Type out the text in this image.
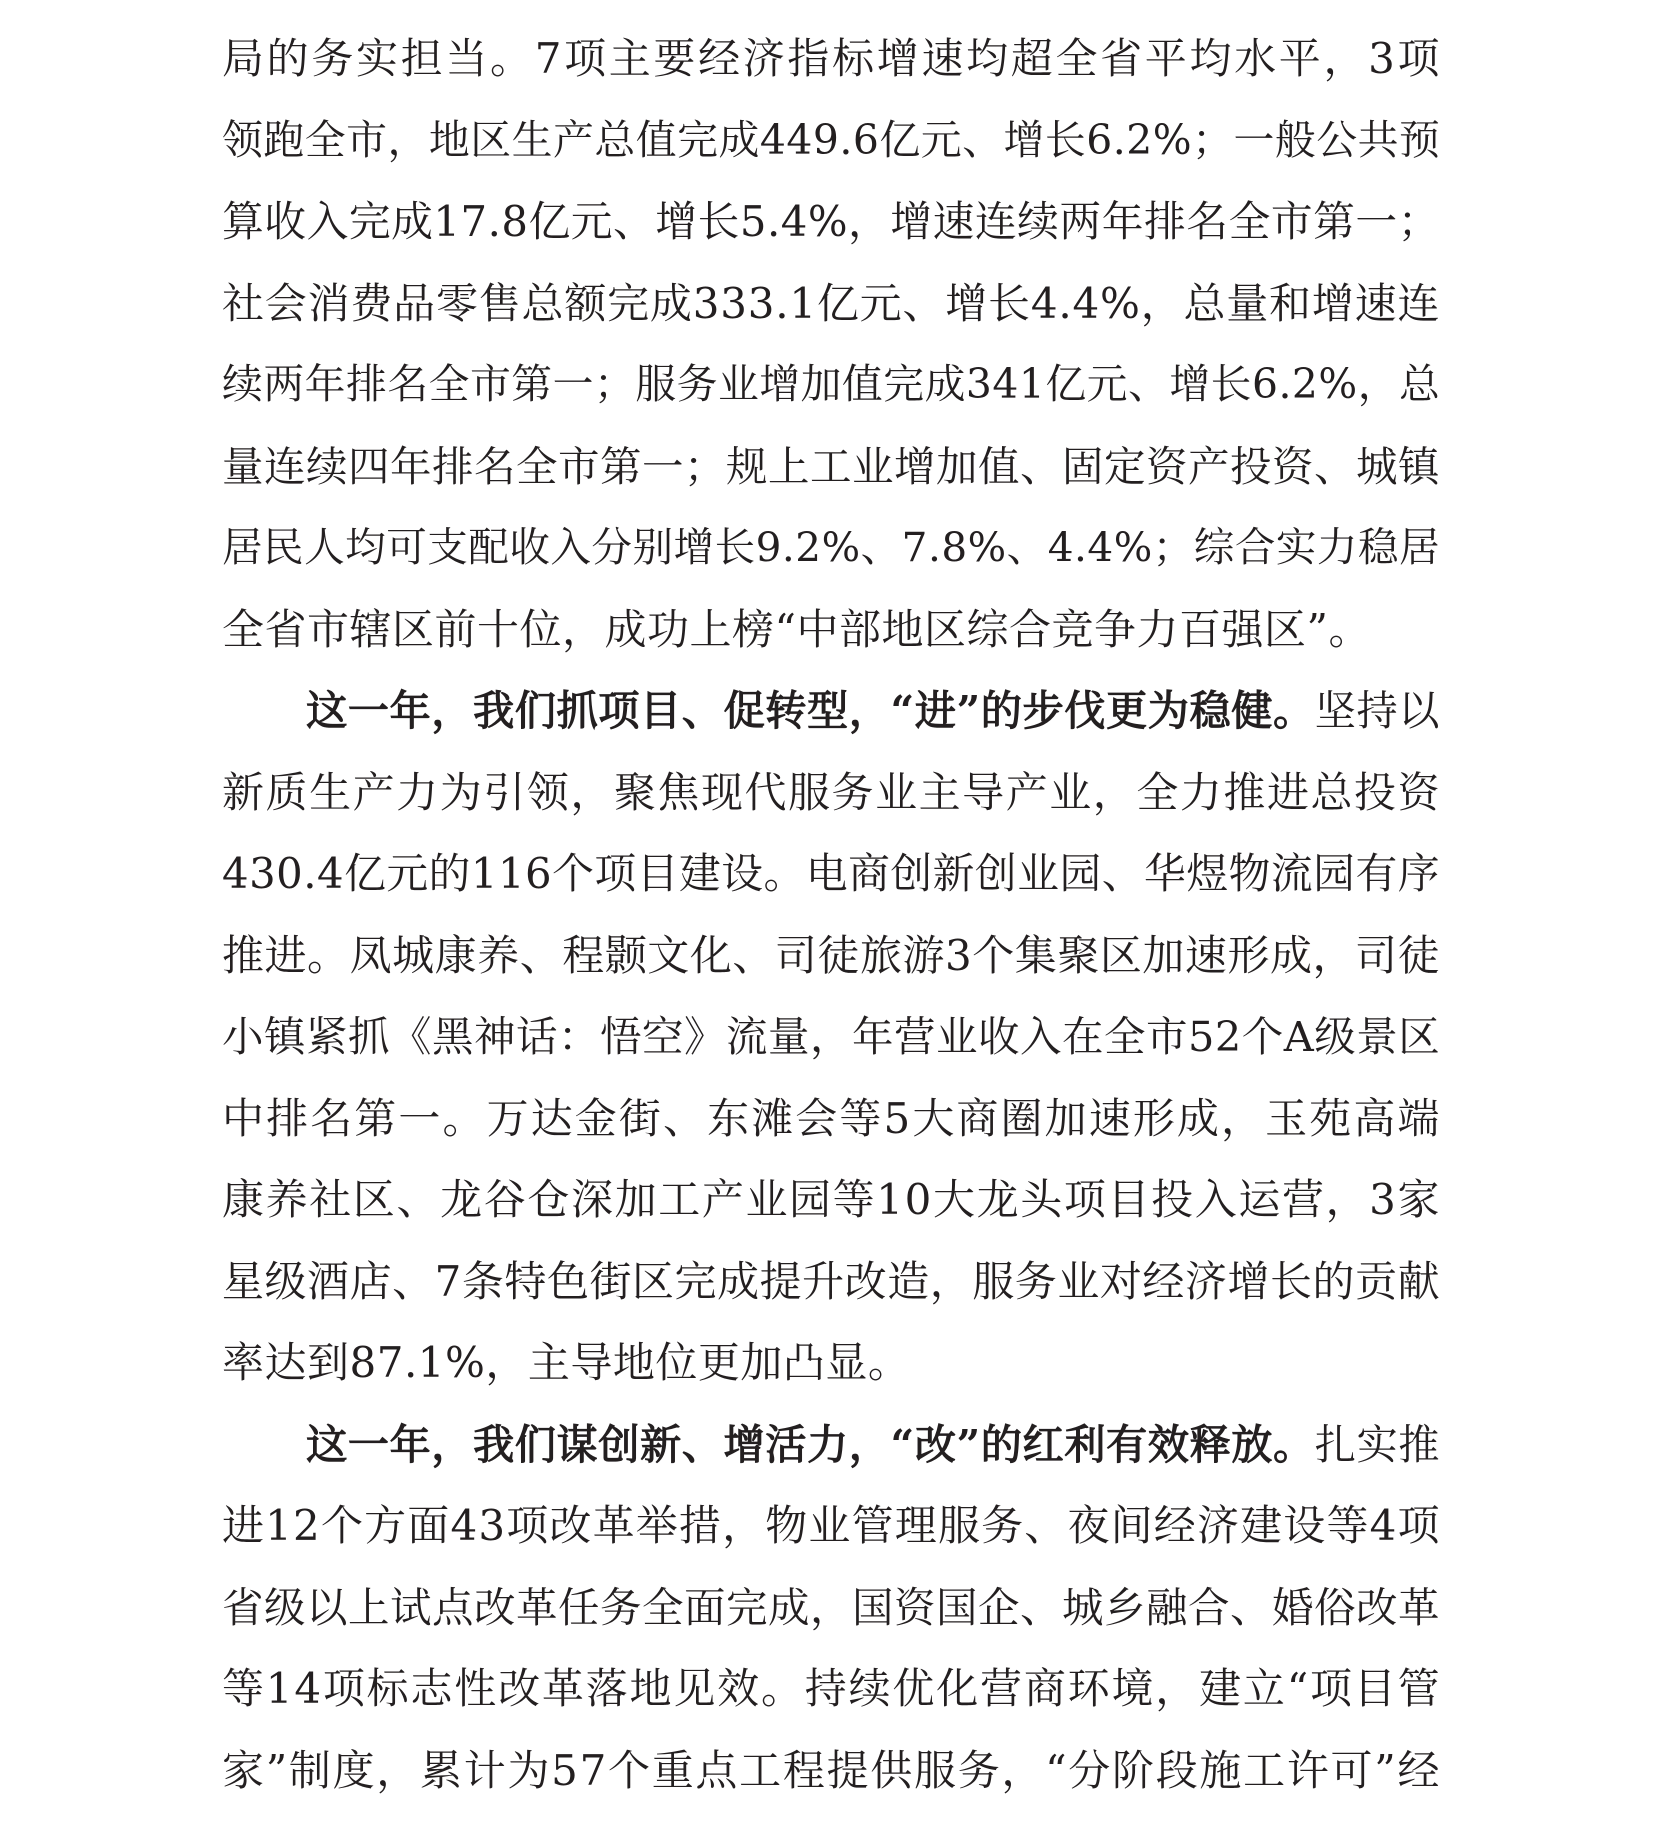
局的务实担当。7项主要经济指标增速均超全省平均水平，3项
领跑全市，地区生产总值完成449.6亿元、增长6.2%；一般公共预
算收入完成17.8亿元、增长5.4%，增速连续两年排名全市第一；
社会消费品零售总额完成333.1亿元、增长4.4%，总量和增速连
续两年排名全市第一；服务业增加值完成341亿元、增长6.2%，总
量连续四年排名全市第一；规上工业增加值、固定资产投资、城镇
居民人均可支配收入分别增长9.2%、7.8%、4.4%；综合实力稳居
全省市辖区前十位，成功上榜“中部地区综合竞争力百强区”。
这一年，我们抓项目、促转型，“进”的步伐更为稳健。坚持以
新质生产力为引领，聚焦现代服务业主导产业，全力推进总投资
430.4亿元的116个项目建设。电商创新创业园、华煜物流园有序
推进。凤城康养、程颢文化、司徒旅游3个集聚区加速形成，司徒
小镇紧抓《黑神话：悟空》流量，年营业收入在全市52个A级景区
中排名第一。万达金街、东滩会等5大商圈加速形成，玉苑高端
康养社区、龙谷仓深加工产业园等10大龙头项目投入运营，3家
星级酒店、7条特色街区完成提升改造，服务业对经济增长的贡献
率达到87.1%，主导地位更加凸显。
这一年，我们谋创新、增活力，“改”的红利有效释放。扎实推
进12个方面43项改革举措，物业管理服务、夜间经济建设等4项
省级以上试点改革任务全面完成，国资国企、城乡融合、婚俗改革
等14项标志性改革落地见效。持续优化营商环境，建立“项目管
家”制度，累计为57个重点工程提供服务，“分阶段施工许可”经
